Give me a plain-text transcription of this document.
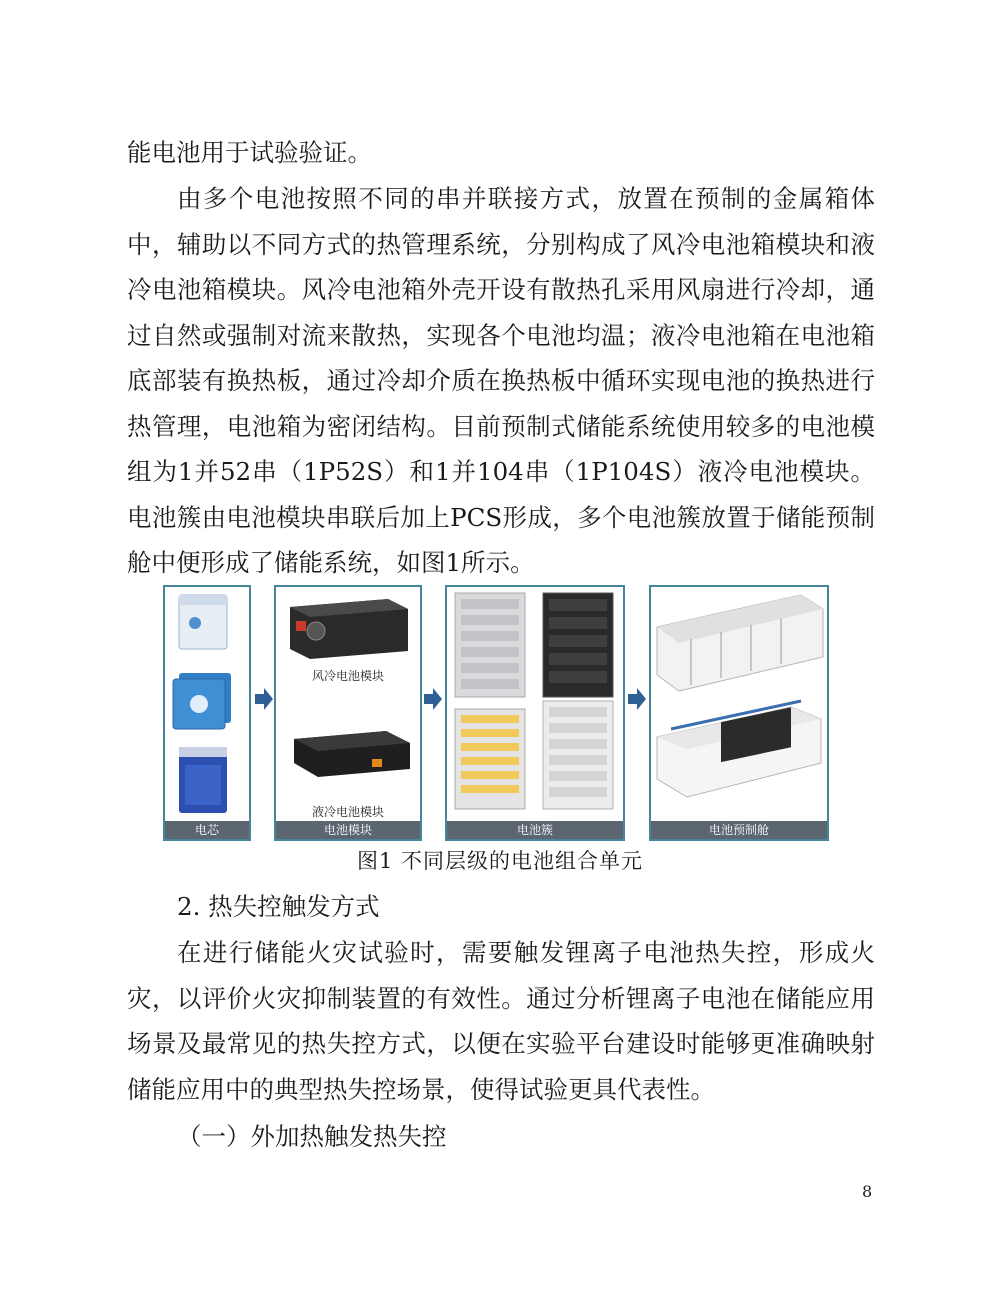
能电池用于试验验证。

由多个电池按照不同的串并联接方式，放置在预制的金属箱体中，辅助以不同方式的热管理系统，分别构成了风冷电池箱模块和液冷电池箱模块。风冷电池箱外壳开设有散热孔采用风扇进行冷却，通过自然或强制对流来散热，实现各个电池均温；液冷电池箱在电池箱底部装有换热板，通过冷却介质在换热板中循环实现电池的换热进行热管理，电池箱为密闭结构。目前预制式储能系统使用较多的电池模组为1并52串（1P52S）和1并104串（1P104S）液冷电池模块。电池簇由电池模块串联后加上PCS形成，多个电池簇放置于储能预制舱中便形成了储能系统，如图1所示。

电芯
风冷电池模块
液冷电池模块
电池模块	电池簇	电池预制舱

图1 不同层级的电池组合单元

2. 热失控触发方式

在进行储能火灾试验时，需要触发锂离子电池热失控，形成火灾，以评价火灾抑制装置的有效性。通过分析锂离子电池在储能应用场景及最常见的热失控方式，以便在实验平台建设时能够更准确映射储能应用中的典型热失控场景，使得试验更具代表性。

（一）外加热触发热失控

8
